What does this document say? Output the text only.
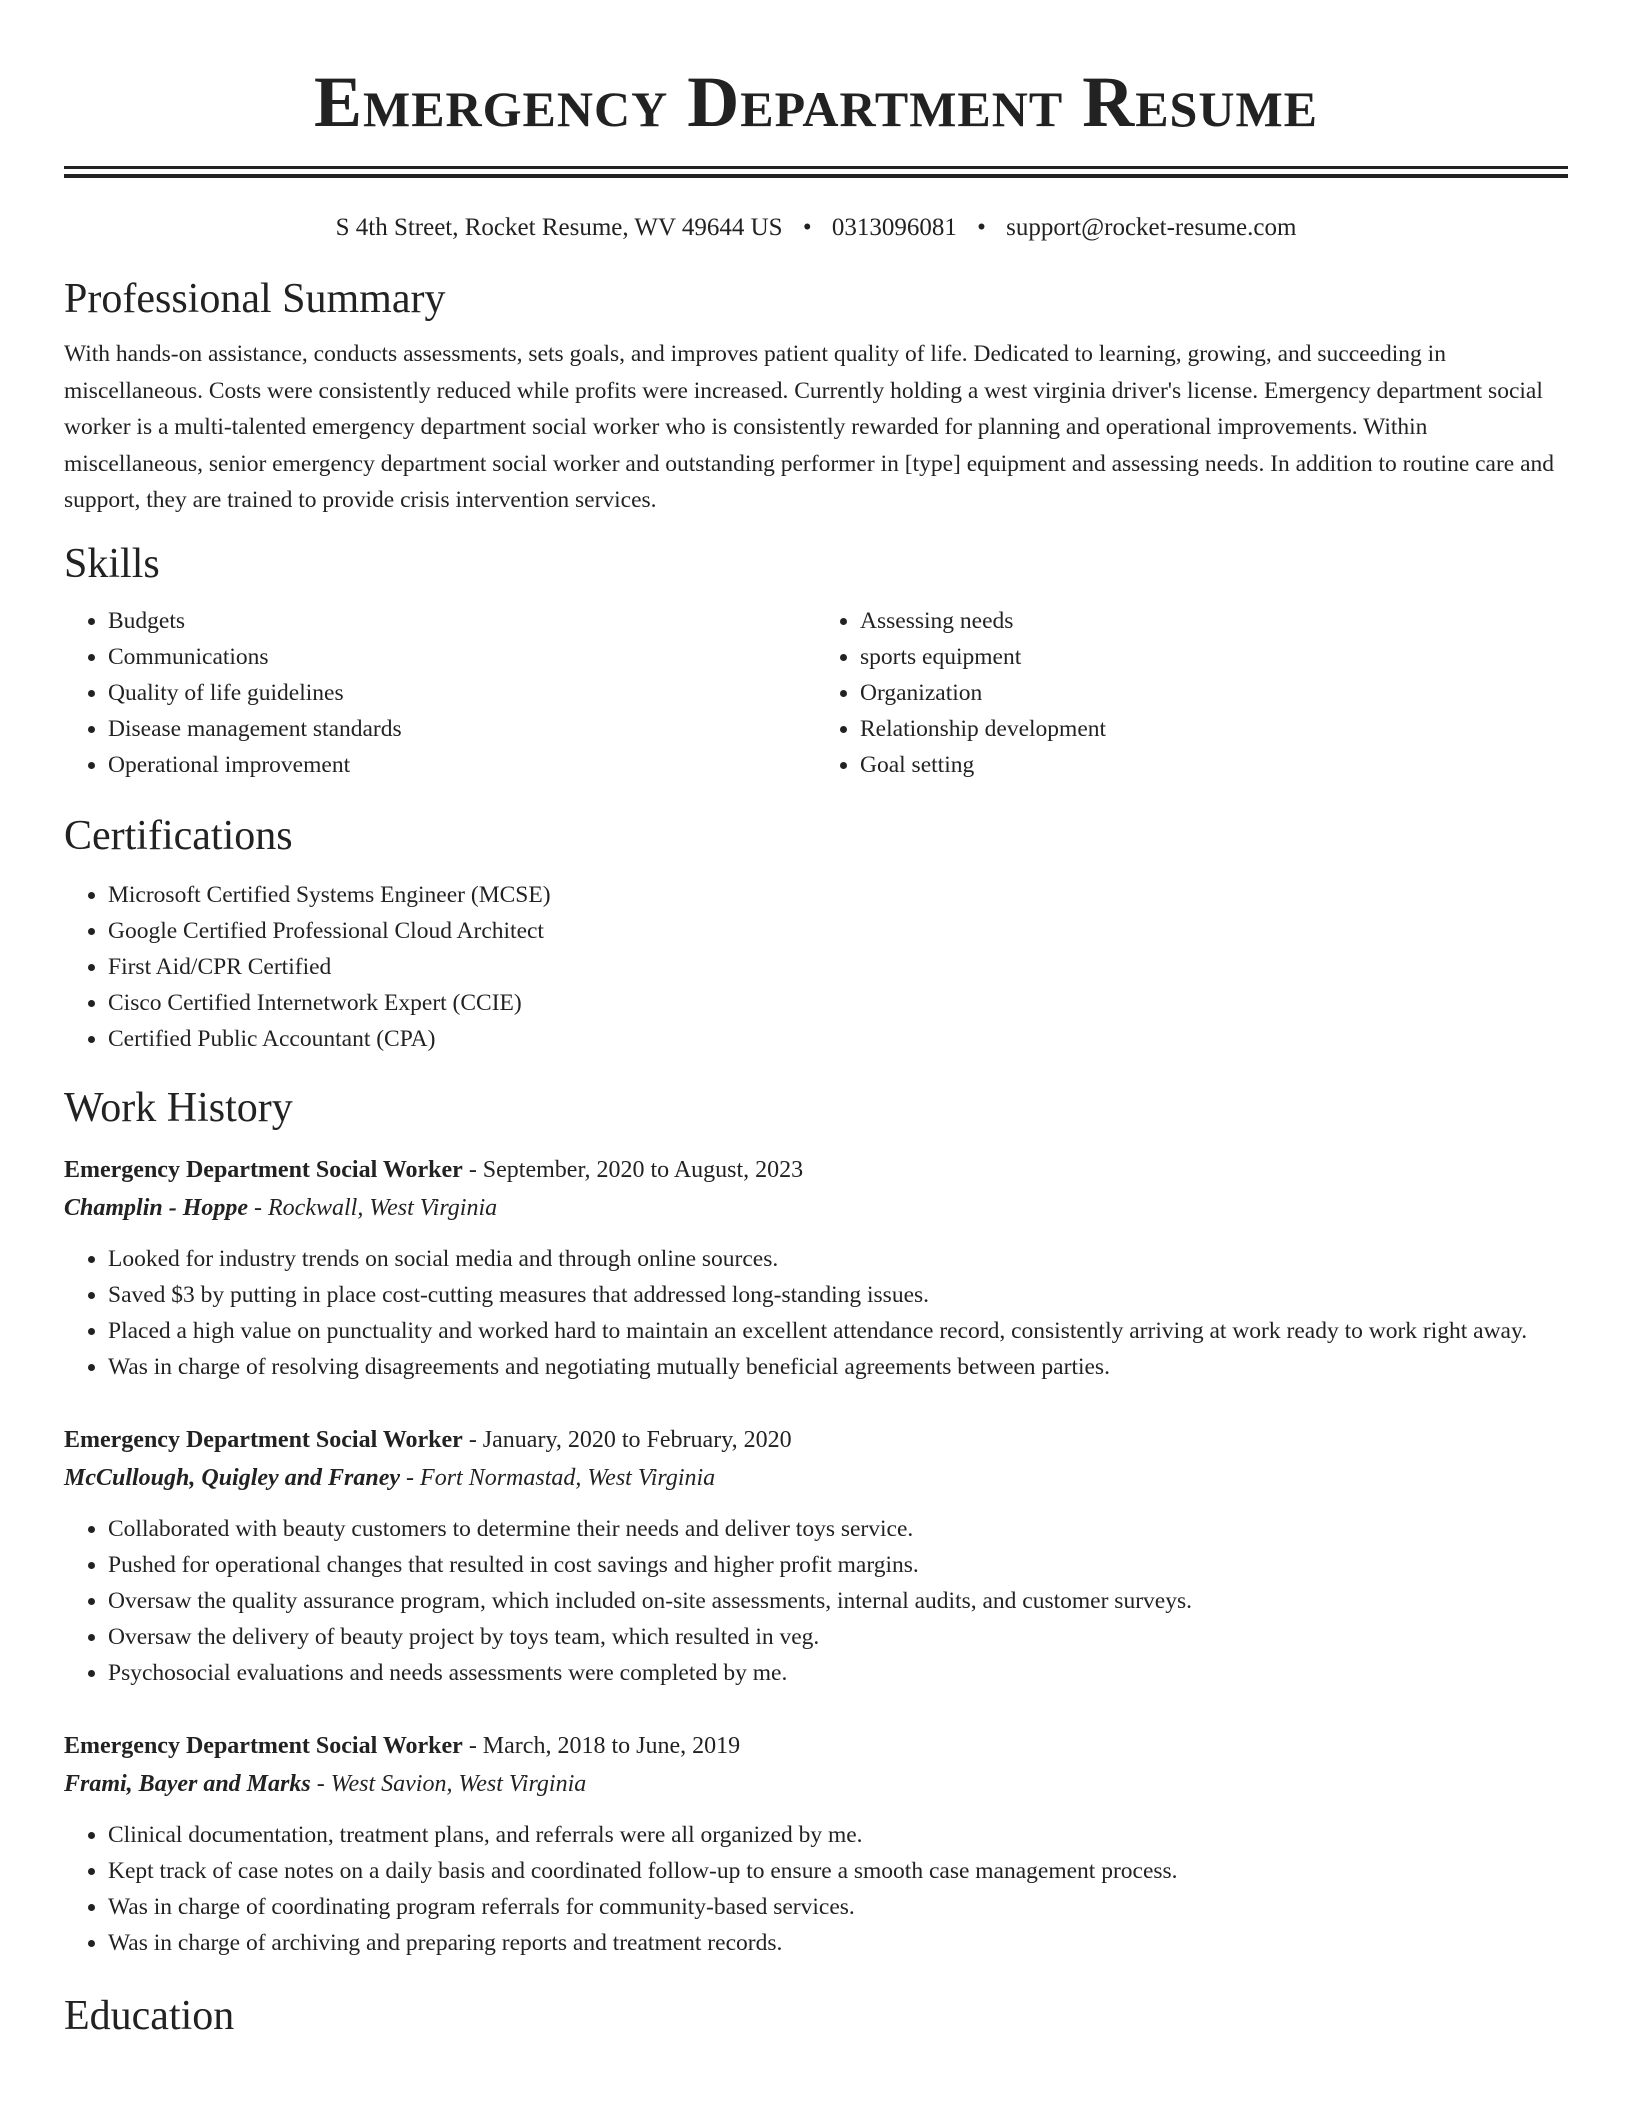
Emergency Department Resume
S 4th Street, Rocket Resume, WV 49644 US • 0313096081 • support@rocket-resume.com
Professional Summary
With hands-on assistance, conducts assessments, sets goals, and improves patient quality of life. Dedicated to learning, growing, and succeeding in miscellaneous. Costs were consistently reduced while profits were increased. Currently holding a west virginia driver's license. Emergency department social worker is a multi-talented emergency department social worker who is consistently rewarded for planning and operational improvements. Within miscellaneous, senior emergency department social worker and outstanding performer in [type] equipment and assessing needs. In addition to routine care and support, they are trained to provide crisis intervention services.
Skills
• Budgets
• Communications
• Quality of life guidelines
• Disease management standards
• Operational improvement
• Assessing needs
• sports equipment
• Organization
• Relationship development
• Goal setting
Certifications
• Microsoft Certified Systems Engineer (MCSE)
• Google Certified Professional Cloud Architect
• First Aid/CPR Certified
• Cisco Certified Internetwork Expert (CCIE)
• Certified Public Accountant (CPA)
Work History
Emergency Department Social Worker - September, 2020 to August, 2023
Champlin - Hoppe - Rockwall, West Virginia
• Looked for industry trends on social media and through online sources.
• Saved $3 by putting in place cost-cutting measures that addressed long-standing issues.
• Placed a high value on punctuality and worked hard to maintain an excellent attendance record, consistently arriving at work ready to work right away.
• Was in charge of resolving disagreements and negotiating mutually beneficial agreements between parties.
Emergency Department Social Worker - January, 2020 to February, 2020
McCullough, Quigley and Franey - Fort Normastad, West Virginia
• Collaborated with beauty customers to determine their needs and deliver toys service.
• Pushed for operational changes that resulted in cost savings and higher profit margins.
• Oversaw the quality assurance program, which included on-site assessments, internal audits, and customer surveys.
• Oversaw the delivery of beauty project by toys team, which resulted in veg.
• Psychosocial evaluations and needs assessments were completed by me.
Emergency Department Social Worker - March, 2018 to June, 2019
Frami, Bayer and Marks - West Savion, West Virginia
• Clinical documentation, treatment plans, and referrals were all organized by me.
• Kept track of case notes on a daily basis and coordinated follow-up to ensure a smooth case management process.
• Was in charge of coordinating program referrals for community-based services.
• Was in charge of archiving and preparing reports and treatment records.
Education
